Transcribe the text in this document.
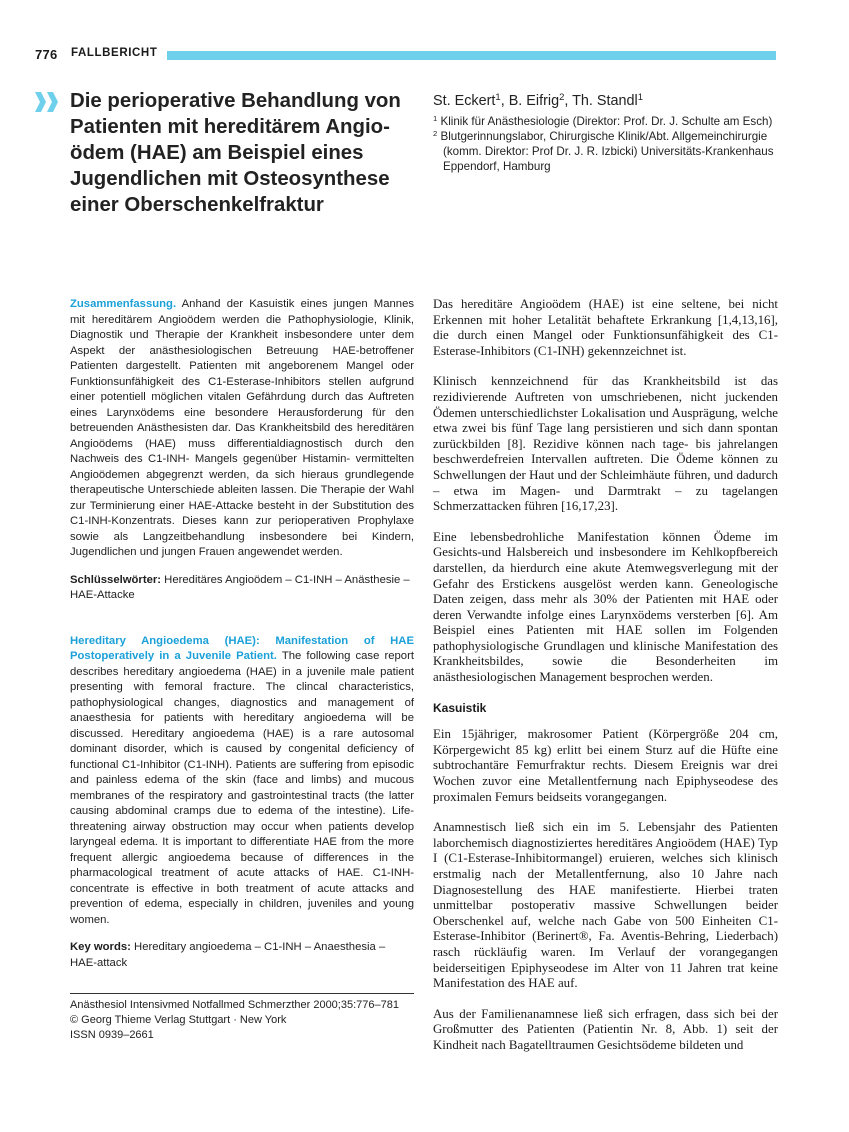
776 FALLBERICHT
Die perioperative Behandlung von Patienten mit hereditärem Angioödem (HAE) am Beispiel eines Jugendlichen mit Osteosynthese einer Oberschenkelfraktur
St. Eckert$^1$, B. Eifrig$^2$, Th. Standl$^1$
$^1$ Klinik für Anästhesiologie (Direktor: Prof. Dr. J. Schulte am Esch)
$^2$ Blutgerinnungslabor, Chirurgische Klinik/Abt. Allgemeinchirurgie (komm. Direktor: Prof Dr. J. R. Izbicki) Universitäts-Krankenhaus Eppendorf, Hamburg

Zusammenfassung. Anhand der Kasuistik eines jungen Mannes mit hereditärem Angioödem werden die Pathophysiologie, Klinik, Diagnostik und Therapie der Krankheit insbesondere unter dem Aspekt der anästhesiologischen Betreuung HAE-betroffener Patienten dargestellt. Patienten mit angeborenem Mangel oder Funktionsunfähigkeit des C1-Esterase-Inhibitors stellen aufgrund einer potentiell möglichen vitalen Gefährdung durch das Auftreten eines Larynxödems eine besondere Herausforderung für den betreuenden Anästhesisten dar. Das Krankheitsbild des hereditären Angioödems (HAE) muss differentialdiagnostisch durch den Nachweis des C1-INH- Mangels gegenüber Histamin- vermittelten Angioödemen abgegrenzt werden, da sich hieraus grundlegende therapeutische Unterschiede ableiten lassen. Die Therapie der Wahl zur Terminierung einer HAE-Attacke besteht in der Substitution des C1-INH-Konzentrats. Dieses kann zur perioperativen Prophylaxe sowie als Langzeitbehandlung insbesondere bei Kindern, Jugendlichen und jungen Frauen angewendet werden.

Schlüsselwörter: Hereditäres Angioödem – C1-INH – Anästhesie – HAE-Attacke

Hereditary Angioedema (HAE): Manifestation of HAE Postoperatively in a Juvenile Patient. The following case report describes hereditary angioedema (HAE) in a juvenile male patient presenting with femoral fracture. The clincal characteristics, pathophysiological changes, diagnostics and management of anaesthesia for patients with hereditary angioedema will be discussed. Hereditary angioedema (HAE) is a rare autosomal dominant disorder, which is caused by congenital deficiency of functional C1-Inhibitor (C1-INH). Patients are suffering from episodic and painless edema of the skin (face and limbs) and mucous membranes of the respiratory and gastrointestinal tracts (the latter causing abdominal cramps due to edema of the intestine). Life-threatening airway obstruction may occur when patients develop laryngeal edema. It is important to differentiate HAE from the more frequent allergic angioedema because of differences in the pharmacological treatment of acute attacks of HAE. C1-INH-concentrate is effective in both treatment of acute attacks and prevention of edema, especially in children, juveniles and young women.

Key words: Hereditary angioedema – C1-INH – Anaesthesia – HAE-attack

Anästhesiol Intensivmed Notfallmed Schmerzther 2000;35:776–781
© Georg Thieme Verlag Stuttgart · New York
ISSN 0939–2661

Das hereditäre Angioödem (HAE) ist eine seltene, bei nicht Erkennen mit hoher Letalität behaftete Erkrankung [1,4,13,16], die durch einen Mangel oder Funktionsunfähigkeit des C1-Esterase-Inhibitors (C1-INH) gekennzeichnet ist.

Klinisch kennzeichnend für das Krankheitsbild ist das rezidivierende Auftreten von umschriebenen, nicht juckenden Ödemen unterschiedlichster Lokalisation und Ausprägung, welche etwa zwei bis fünf Tage lang persistieren und sich dann spontan zurückbilden [8]. Rezidive können nach tage- bis jahrelangen beschwerdefreien Intervallen auftreten. Die Ödeme können zu Schwellungen der Haut und der Schleimhäute führen, und dadurch – etwa im Magen- und Darmtrakt – zu tagelangen Schmerzattacken führen [16,17,23].

Eine lebensbedrohliche Manifestation können Ödeme im Gesichts-und Halsbereich und insbesondere im Kehlkopfbereich darstellen, da hierdurch eine akute Atemwegsverlegung mit der Gefahr des Erstickens ausgelöst werden kann. Geneologische Daten zeigen, dass mehr als 30% der Patienten mit HAE oder deren Verwandte infolge eines Larynxödems versterben [6]. Am Beispiel eines Patienten mit HAE sollen im Folgenden pathophysiologische Grundlagen und klinische Manifestation des Krankheitsbildes, sowie die Besonderheiten im anästhesiologischen Management besprochen werden.

Kasuistik

Ein 15jähriger, makrosomer Patient (Körpergröße 204 cm, Körpergewicht 85 kg) erlitt bei einem Sturz auf die Hüfte eine subtrochantäre Femurfraktur rechts. Diesem Ereignis war drei Wochen zuvor eine Metallentfernung nach Epiphyseodese des proximalen Femurs beidseits vorangegangen.

Anamnestisch ließ sich ein im 5. Lebensjahr des Patienten laborchemisch diagnostiziertes hereditäres Angioödem (HAE) Typ I (C1-Esterase-Inhibitormangel) eruieren, welches sich klinisch erstmalig nach der Metallentfernung, also 10 Jahre nach Diagnosestellung des HAE manifestierte. Hierbei traten unmittelbar postoperativ massive Schwellungen beider Oberschenkel auf, welche nach Gabe von 500 Einheiten C1-Esterase-Inhibitor (Berinert®, Fa. Aventis-Behring, Liederbach) rasch rückläufig waren. Im Verlauf der vorangegangen beiderseitigen Epiphyseodese im Alter von 11 Jahren trat keine Manifestation des HAE auf.

Aus der Familienanamnese ließ sich erfragen, dass sich bei der Großmutter des Patienten (Patientin Nr. 8, Abb. 1) seit der Kindheit nach Bagatelltraumen Gesichtsödeme bildeten und
